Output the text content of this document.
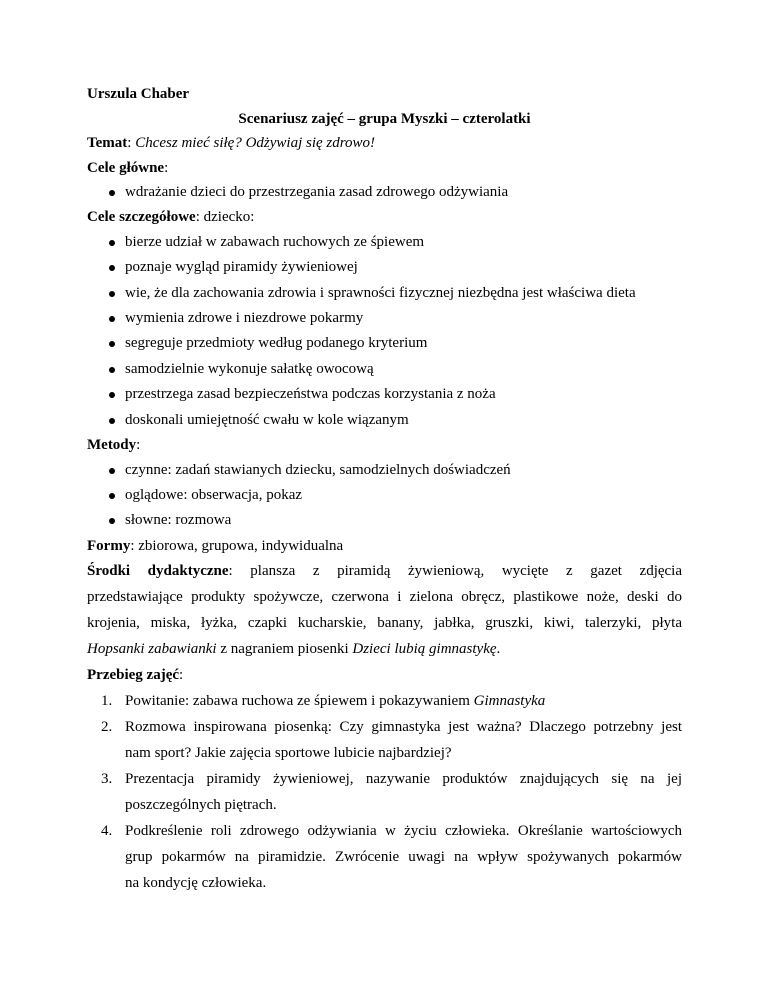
Urszula Chaber
Scenariusz zajęć – grupa Myszki – czterolatki
Temat: Chcesz mieć siłę? Odżywiaj się zdrowo!
Cele główne:
wdrażanie dzieci do przestrzegania zasad zdrowego odżywiania
Cele szczegółowe: dziecko:
bierze udział w zabawach ruchowych ze śpiewem
poznaje wygląd piramidy żywieniowej
wie, że dla zachowania zdrowia i sprawności fizycznej niezbędna jest właściwa dieta
wymienia zdrowe i niezdrowe pokarmy
segreguje przedmioty według podanego kryterium
samodzielnie wykonuje sałatkę owocową
przestrzega zasad bezpieczeństwa podczas korzystania z noża
doskonali umiejętność cwału w kole wiązanym
Metody:
czynne: zadań stawianych dziecku, samodzielnych doświadczeń
oglądowe: obserwacja, pokaz
słowne: rozmowa
Formy: zbiorowa, grupowa, indywidualna
Środki dydaktyczne: plansza z piramidą żywieniową, wycięte z gazet zdjęcia
przedstawiające produkty spożywcze, czerwona i zielona obręcz, plastikowe noże, deski do
krojenia, miska, łyżka, czapki kucharskie, banany, jabłka, gruszki, kiwi, talerzyki, płyta
Hopsanki zabawianki z nagraniem piosenki Dzieci lubią gimnastykę.
Przebieg zajęć:
1. Powitanie: zabawa ruchowa ze śpiewem i pokazywaniem Gimnastyka
2. Rozmowa inspirowana piosenką: Czy gimnastyka jest ważna? Dlaczego potrzebny jest
nam sport? Jakie zajęcia sportowe lubicie najbardziej?
3. Prezentacja piramidy żywieniowej, nazywanie produktów znajdujących się na jej
poszczególnych piętrach.
4. Podkreślenie roli zdrowego odżywiania w życiu człowieka. Określanie wartościowych
grup pokarmów na piramidzie. Zwrócenie uwagi na wpływ spożywanych pokarmów
na kondycję człowieka.
